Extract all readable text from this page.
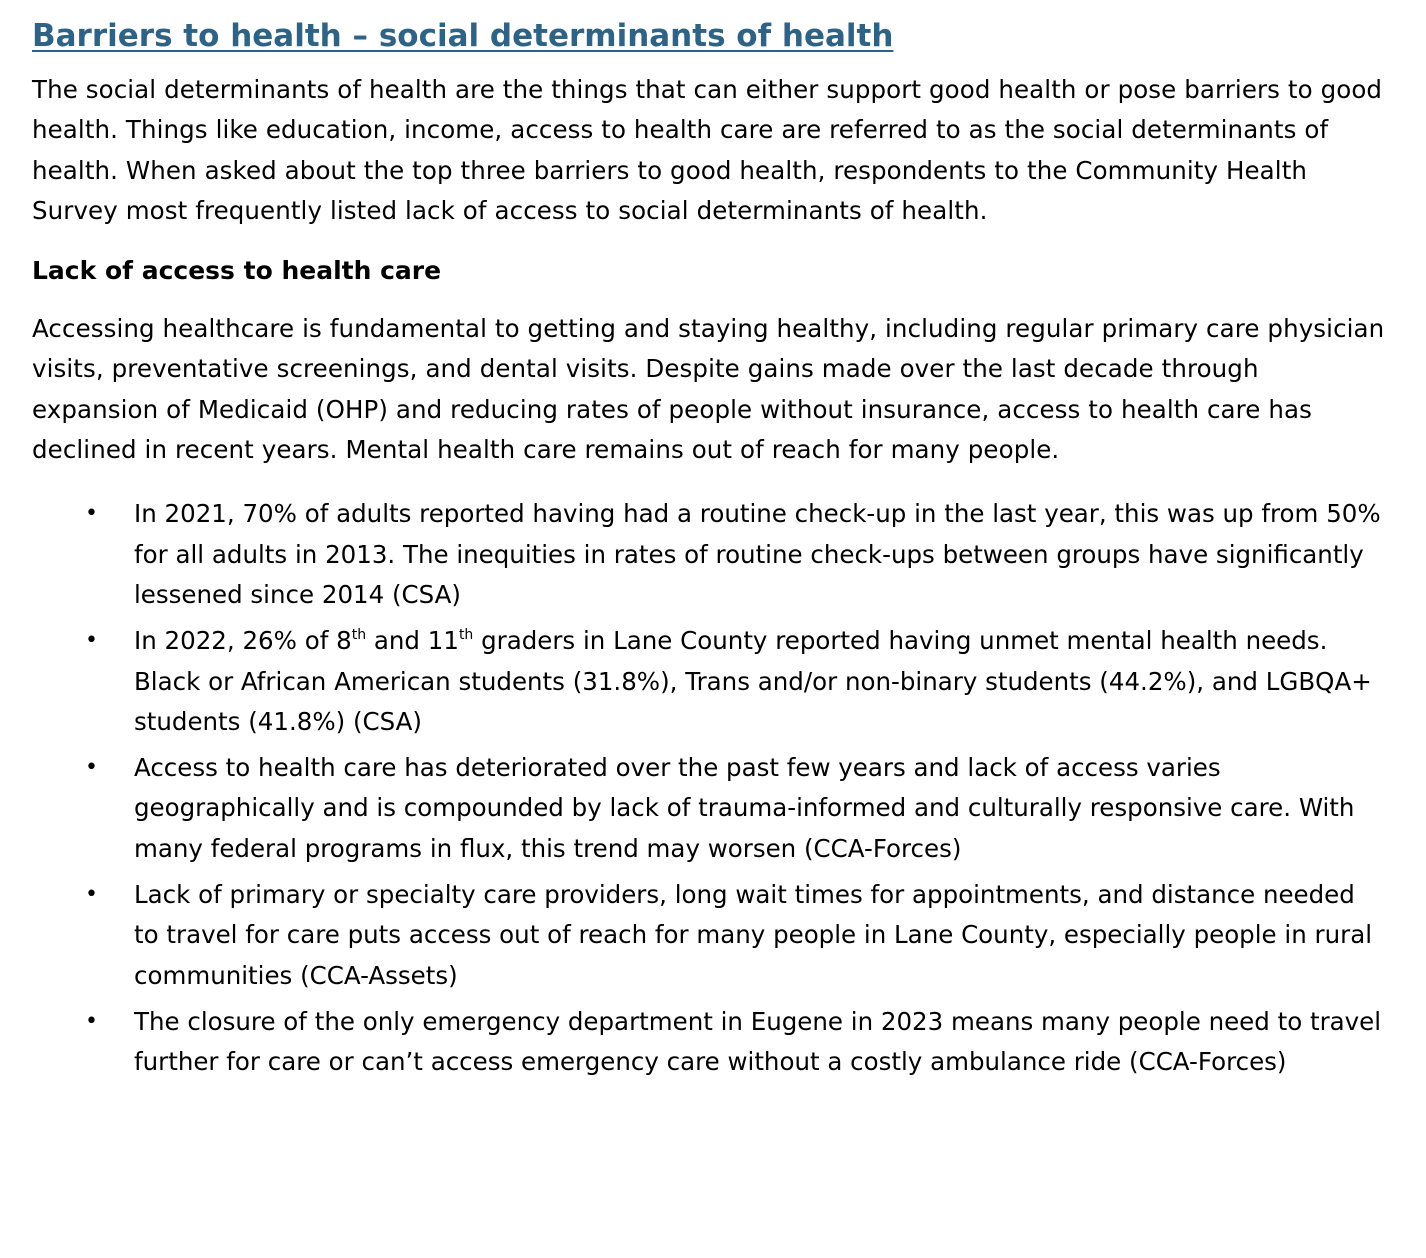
Barriers to health – social determinants of health

The social determinants of health are the things that can either support good health or pose barriers to good health. Things like education, income, access to health care are referred to as the social determinants of health. When asked about the top three barriers to good health, respondents to the Community Health Survey most frequently listed lack of access to social determinants of health.

Lack of access to health care

Accessing healthcare is fundamental to getting and staying healthy, including regular primary care physician visits, preventative screenings, and dental visits. Despite gains made over the last decade through expansion of Medicaid (OHP) and reducing rates of people without insurance, access to health care has declined in recent years. Mental health care remains out of reach for many people.

• In 2021, 70% of adults reported having had a routine check-up in the last year, this was up from 50% for all adults in 2013. The inequities in rates of routine check-ups between groups have significantly lessened since 2014 (CSA)
• In 2022, 26% of 8th and 11th graders in Lane County reported having unmet mental health needs. Black or African American students (31.8%), Trans and/or non-binary students (44.2%), and LGBQA+ students (41.8%) (CSA)
• Access to health care has deteriorated over the past few years and lack of access varies geographically and is compounded by lack of trauma-informed and culturally responsive care. With many federal programs in flux, this trend may worsen (CCA-Forces)
• Lack of primary or specialty care providers, long wait times for appointments, and distance needed to travel for care puts access out of reach for many people in Lane County, especially people in rural communities (CCA-Assets)
• The closure of the only emergency department in Eugene in 2023 means many people need to travel further for care or can’t access emergency care without a costly ambulance ride (CCA-Forces)
